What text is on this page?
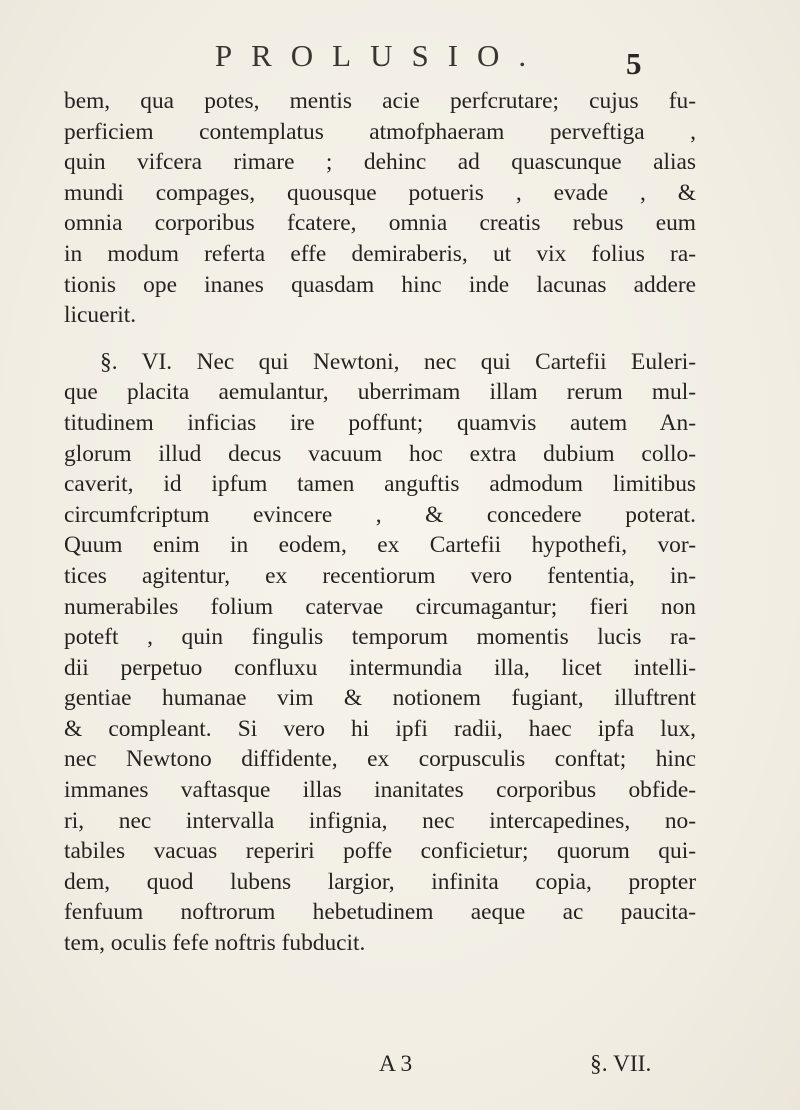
PROLUSIO.	5
bem, qua potes, mentis acie perfcrutare; cujus fu-
perficiem contemplatus atmofphaeram perveftiga ,
quin vifcera rimare ; dehinc ad quascunque alias
mundi compages, quousque potueris , evade , &
omnia corporibus fcatere, omnia creatis rebus eum
in modum referta effe demiraberis, ut vix folius ra-
tionis ope inanes quasdam hinc inde lacunas addere
licuerit.
§. VI. Nec qui Newtoni, nec qui Cartefii Euleri-
que placita aemulantur, uberrimam illam rerum mul-
titudinem inficias ire poffunt; quamvis autem An-
glorum illud decus vacuum hoc extra dubium collo-
caverit, id ipfum tamen anguftis admodum limitibus
circumfcriptum evincere , & concedere poterat.
Quum enim in eodem, ex Cartefii hypothefi, vor-
tices agitentur, ex recentiorum vero fententia, in-
numerabiles folium catervae circumagantur; fieri non
poteft , quin fingulis temporum momentis lucis ra-
dii perpetuo confluxu intermundia illa, licet intelli-
gentiae humanae vim & notionem fugiant, illuftrent
& compleant. Si vero hi ipfi radii, haec ipfa lux,
nec Newtono diffidente, ex corpusculis conftat; hinc
immanes vaftasque illas inanitates corporibus obfide-
ri, nec intervalla infignia, nec intercapedines, no-
tabiles vacuas reperiri poffe conficietur; quorum qui-
dem, quod lubens largior, infinita copia, propter
fenfuum noftrorum hebetudinem aeque ac paucita-
tem, oculis fefe noftris fubducit.
A 3	§. VII.
